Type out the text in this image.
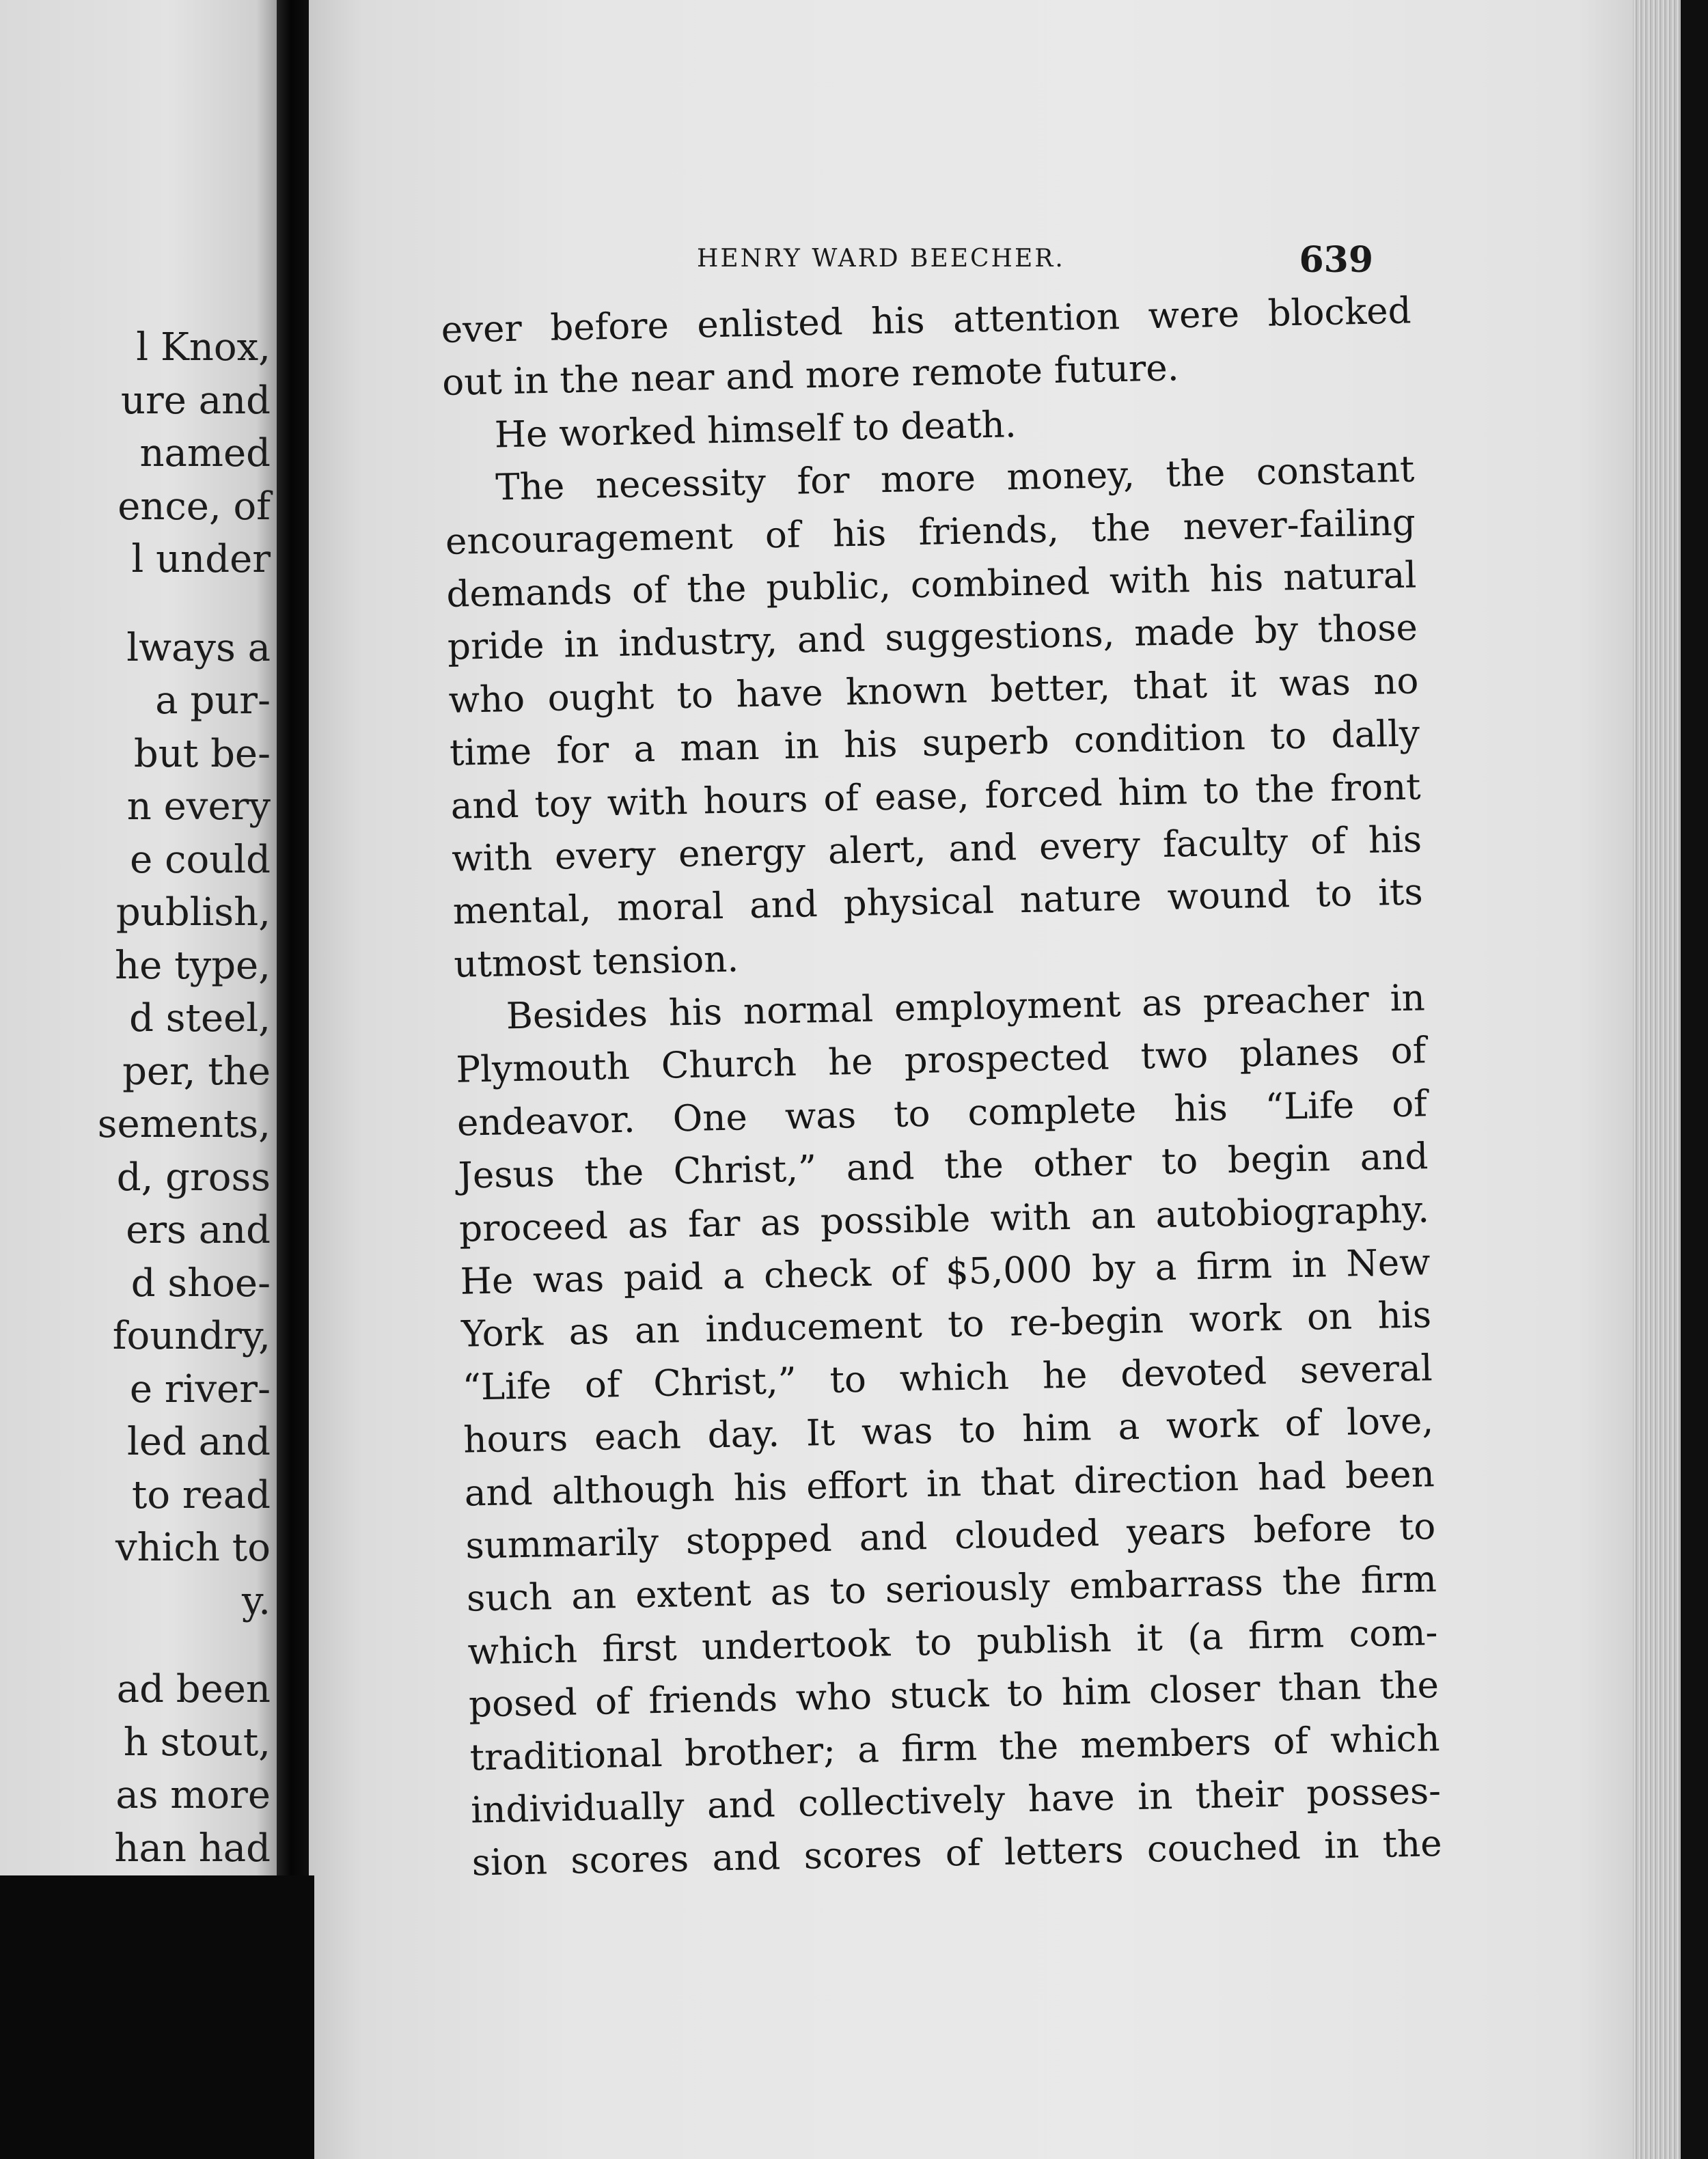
l Knox,
ure and
named
ence, of
l under
lways a
a pur-
but be-
n every
e could
publish,
he type,
d steel,
per, the
sements,
d, gross
ers and
d shoe-
foundry,
e river-
led and
to read
vhich to
y.
ad been
h stout,
as more
han had
HENRY WARD BEECHER.	639
ever before enlisted his attention were blocked
out in the near and more remote future.
He worked himself to death.
The necessity for more money, the constant
encouragement of his friends, the never-failing
demands of the public, combined with his natural
pride in industry, and suggestions, made by those
who ought to have known better, that it was no
time for a man in his superb condition to dally
and toy with hours of ease, forced him to the front
with every energy alert, and every faculty of his
mental, moral and physical nature wound to its
utmost tension.
Besides his normal employment as preacher in
Plymouth Church he prospected two planes of
endeavor. One was to complete his “Life of
Jesus the Christ,” and the other to begin and
proceed as far as possible with an autobiography.
He was paid a check of $5,000 by a firm in New
York as an inducement to re-begin work on his
“Life of Christ,” to which he devoted several
hours each day. It was to him a work of love,
and although his effort in that direction had been
summarily stopped and clouded years before to
such an extent as to seriously embarrass the firm
which first undertook to publish it (a firm com-
posed of friends who stuck to him closer than the
traditional brother; a firm the members of which
individually and collectively have in their posses-
sion scores and scores of letters couched in the
